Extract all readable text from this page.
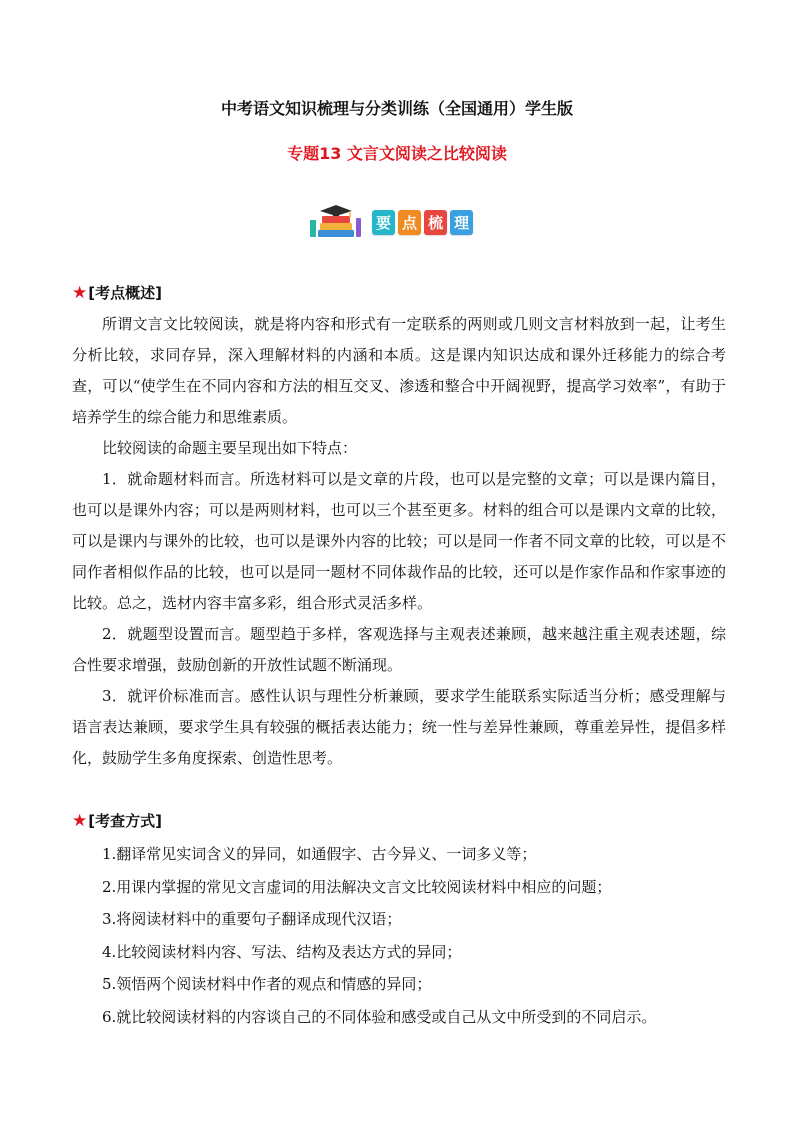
中考语文知识梳理与分类训练（全国通用）学生版
专题13 文言文阅读之比较阅读
要 点 梳 理
★ [考点概述]

所谓文言文比较阅读，就是将内容和形式有一定联系的两则或几则文言材料放到一起，让考生分析比较，求同存异，深入理解材料的内涵和本质。这是课内知识达成和课外迁移能力的综合考查，可以“使学生在不同内容和方法的相互交叉、渗透和整合中开阔视野，提高学习效率”，有助于培养学生的综合能力和思维素质。

比较阅读的命题主要呈现出如下特点：

1．就命题材料而言。所选材料可以是文章的片段，也可以是完整的文章；可以是课内篇目，也可以是课外内容；可以是两则材料，也可以三个甚至更多。材料的组合可以是课内文章的比较，可以是课内与课外的比较，也可以是课外内容的比较；可以是同一作者不同文章的比较，可以是不同作者相似作品的比较，也可以是同一题材不同体裁作品的比较，还可以是作家作品和作家事迹的比较。总之，选材内容丰富多彩，组合形式灵活多样。

2．就题型设置而言。题型趋于多样，客观选择与主观表述兼顾，越来越注重主观表述题，综合性要求增强，鼓励创新的开放性试题不断涌现。

3．就评价标准而言。感性认识与理性分析兼顾，要求学生能联系实际适当分析；感受理解与语言表达兼顾，要求学生具有较强的概括表达能力；统一性与差异性兼顾，尊重差异性，提倡多样化，鼓励学生多角度探索、创造性思考。

★ [考查方式]
1.翻译常见实词含义的异同，如通假字、古今异义、一词多义等；
2.用课内掌握的常见文言虚词的用法解决文言文比较阅读材料中相应的问题；
3.将阅读材料中的重要句子翻译成现代汉语；
4.比较阅读材料内容、写法、结构及表达方式的异同；
5.领悟两个阅读材料中作者的观点和情感的异同；
6.就比较阅读材料的内容谈自己的不同体验和感受或自己从文中所受到的不同启示。
